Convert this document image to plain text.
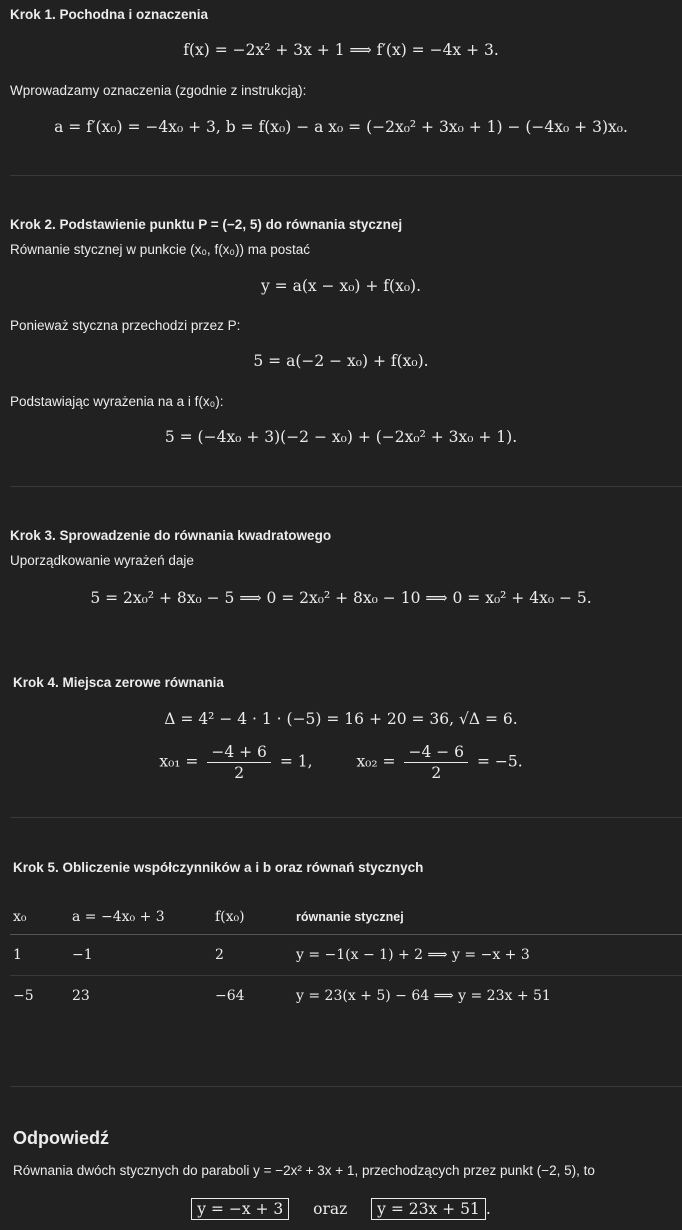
Krok 1. Pochodna i oznaczenia
f(x) = −2x² + 3x + 1 ⟹ f′(x) = −4x + 3.
Wprowadzamy oznaczenia (zgodnie z instrukcją):
a = f′(x₀) = −4x₀ + 3, b = f(x₀) − a x₀ = (−2x₀² + 3x₀ + 1) − (−4x₀ + 3)x₀.
Krok 2. Podstawienie punktu P = (−2, 5) do równania stycznej
Równanie stycznej w punkcie (x₀, f(x₀)) ma postać
y = a(x − x₀) + f(x₀).
Ponieważ styczna przechodzi przez P:
5 = a(−2 − x₀) + f(x₀).
Podstawiając wyrażenia na a i f(x₀):
5 = (−4x₀ + 3)(−2 − x₀) + (−2x₀² + 3x₀ + 1).
Krok 3. Sprowadzenie do równania kwadratowego
Uporządkowanie wyrażeń daje
5 = 2x₀² + 8x₀ − 5 ⟹ 0 = 2x₀² + 8x₀ − 10 ⟹ 0 = x₀² + 4x₀ − 5.
Krok 4. Miejsca zerowe równania
Δ = 4² − 4 · 1 · (−5) = 16 + 20 = 36, √Δ = 6.
$x_{01} = \frac{-4 + 6}{2} = 1$,	$x_{02} = \frac{-4 - 6}{2} = -5$.
Krok 5. Obliczenie współczynników a i b oraz równań stycznych
x₀	a = −4x₀ + 3	f(x₀)	równanie stycznej
1	−1	2	y = −1(x − 1) + 2 ⟹ y = −x + 3
−5	23	−64	y = 23(x + 5) − 64 ⟹ y = 23x + 51
Odpowiedź
Równania dwóch stycznych do paraboli y = −2x² + 3x + 1, przechodzących przez punkt (−2, 5), to
y = −x + 3 oraz y = 23x + 51 .
